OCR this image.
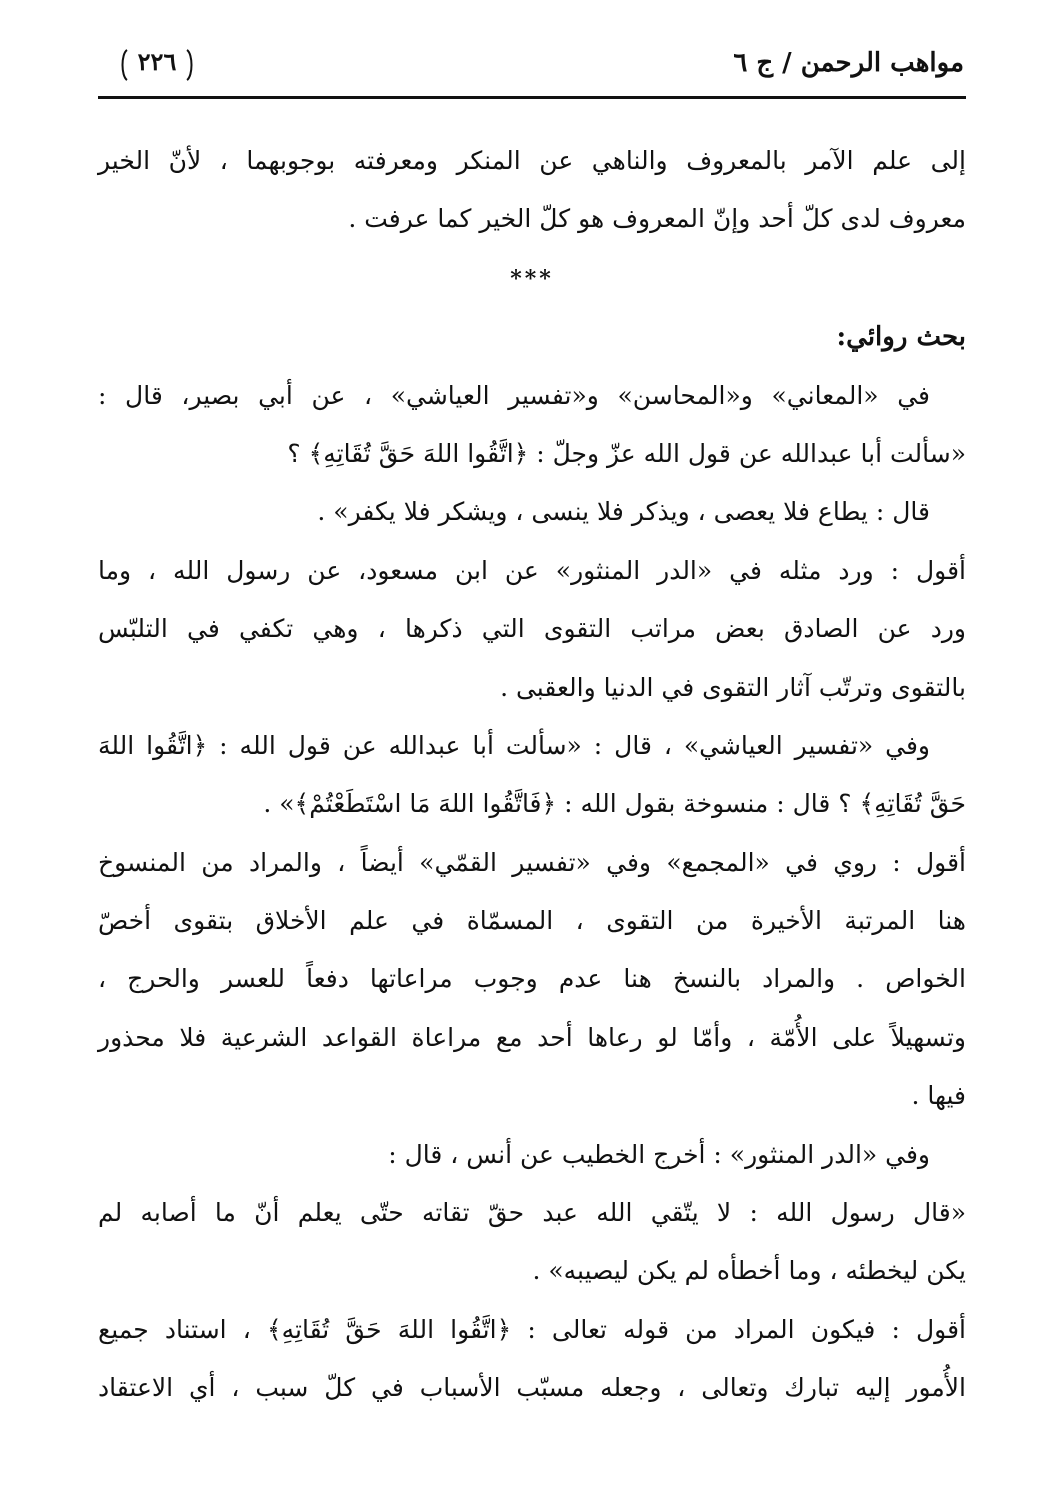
مواهب الرحمن / ج ٦
٢٢٦
إلى علم الآمر بالمعروف والناهي عن المنكر ومعرفته بوجوبهما ، لأنّ الخير
معروف لدى كلّ أحد وإنّ المعروف هو كلّ الخير كما عرفت .
***
بحث روائي:
في «المعاني» و«المحاسن» و«تفسير العياشي» ، عن أبي بصير، قال :
«سألت أبا عبدالله عن قول الله عزّ وجلّ : ﴿اتَّقُوا اللهَ حَقَّ تُقَاتِهِ﴾ ؟
قال : يطاع فلا يعصى ، ويذكر فلا ينسى ، ويشكر فلا يكفر» .
أقول : ورد مثله في «الدر المنثور» عن ابن مسعود، عن رسول الله ، وما
ورد عن الصادق بعض مراتب التقوى التي ذكرها ، وهي تكفي في التلبّس
بالتقوى وترتّب آثار التقوى في الدنيا والعقبى .
وفي «تفسير العياشي» ، قال : «سألت أبا عبدالله عن قول الله : ﴿اتَّقُوا اللهَ
حَقَّ تُقَاتِهِ﴾ ؟ قال : منسوخة بقول الله : ﴿فَاتَّقُوا اللهَ مَا اسْتَطَعْتُمْ﴾» .
أقول : روي في «المجمع» وفي «تفسير القمّي» أيضاً ، والمراد من المنسوخ
هنا المرتبة الأخيرة من التقوى ، المسمّاة في علم الأخلاق بتقوى أخصّ
الخواص . والمراد بالنسخ هنا عدم وجوب مراعاتها دفعاً للعسر والحرج ،
وتسهيلاً على الأُمّة ، وأمّا لو رعاها أحد مع مراعاة القواعد الشرعية فلا محذور
فيها .
وفي «الدر المنثور» : أخرج الخطيب عن أنس ، قال :
«قال رسول الله : لا يتّقي الله عبد حقّ تقاته حتّى يعلم أنّ ما أصابه لم
يكن ليخطئه ، وما أخطأه لم يكن ليصيبه» .
أقول : فيكون المراد من قوله تعالى : ﴿اتَّقُوا اللهَ حَقَّ تُقَاتِهِ﴾ ، استناد جميع
الأُمور إليه تبارك وتعالى ، وجعله مسبّب الأسباب في كلّ سبب ، أي الاعتقاد
